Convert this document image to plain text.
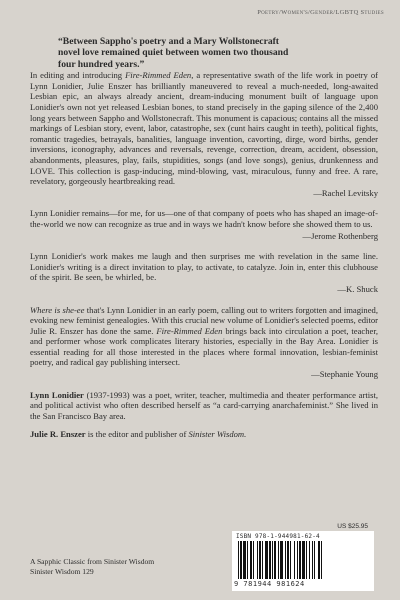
Poetry/Women's/Gender/LGBTQ Studies

“Between Sappho's poetry and a Mary Wollstonecraft novel love remained quiet between women two thousand four hundred years.”

In editing and introducing Fire-Rimmed Eden, a representative swath of the life work in poetry of Lynn Lonidier, Julie Enszer has brilliantly maneuvered to reveal a much-needed, long-awaited Lesbian epic, an always already ancient, dream-inducing monument built of language upon Lonidier's own not yet released Lesbian bones, to stand precisely in the gaping silence of the 2,400 long years between Sappho and Wollstonecraft. This monument is capacious; contains all the missed markings of Lesbian story, event, labor, catastrophe, sex (cunt hairs caught in teeth), political fights, romantic tragedies, betrayals, banalities, language invention, cavorting, dirge, word births, gender inversions, iconography, advances and reversals, revenge, correction, dream, accident, obsession, abandonments, pleasures, play, fails, stupidities, songs (and love songs), genius, drunkenness and LOVE. This collection is gasp-inducing, mind-blowing, vast, miraculous, funny and free. A rare, revelatory, gorgeously heartbreaking read.

—Rachel Levitsky

Lynn Lonidier remains—for me, for us—one of that company of poets who has shaped an image-of-the-world we now can recognize as true and in ways we hadn't know before she showed them to us.

—Jerome Rothenberg

Lynn Lonidier's work makes me laugh and then surprises me with revelation in the same line. Lonidier's writing is a direct invitation to play, to activate, to catalyze. Join in, enter this clubhouse of the spirit. Be seen, be whirled, be.

—K. Shuck

Where is she-ee that's Lynn Lonidier in an early poem, calling out to writers forgotten and imagined, evoking new feminist genealogies. With this crucial new volume of Lonidier's selected poems, editor Julie R. Enszer has done the same. Fire-Rimmed Eden brings back into circulation a poet, teacher, and performer whose work complicates literary histories, especially in the Bay Area. Lonidier is essential reading for all those interested in the places where formal innovation, lesbian-feminist poetry, and radical gay publishing intersect.

—Stephanie Young

Lynn Lonidier (1937-1993) was a poet, writer, teacher, multimedia and theater performance artist, and political activist who often described herself as “a card-carrying anarchafeminist.” She lived in the San Francisco Bay area.

Julie R. Enszer is the editor and publisher of Sinister Wisdom.

US $25.95
ISBN 978-1-944981-62-4
9 781944 981624
A Sapphic Classic from Sinister Wisdom
Sinister Wisdom 129
